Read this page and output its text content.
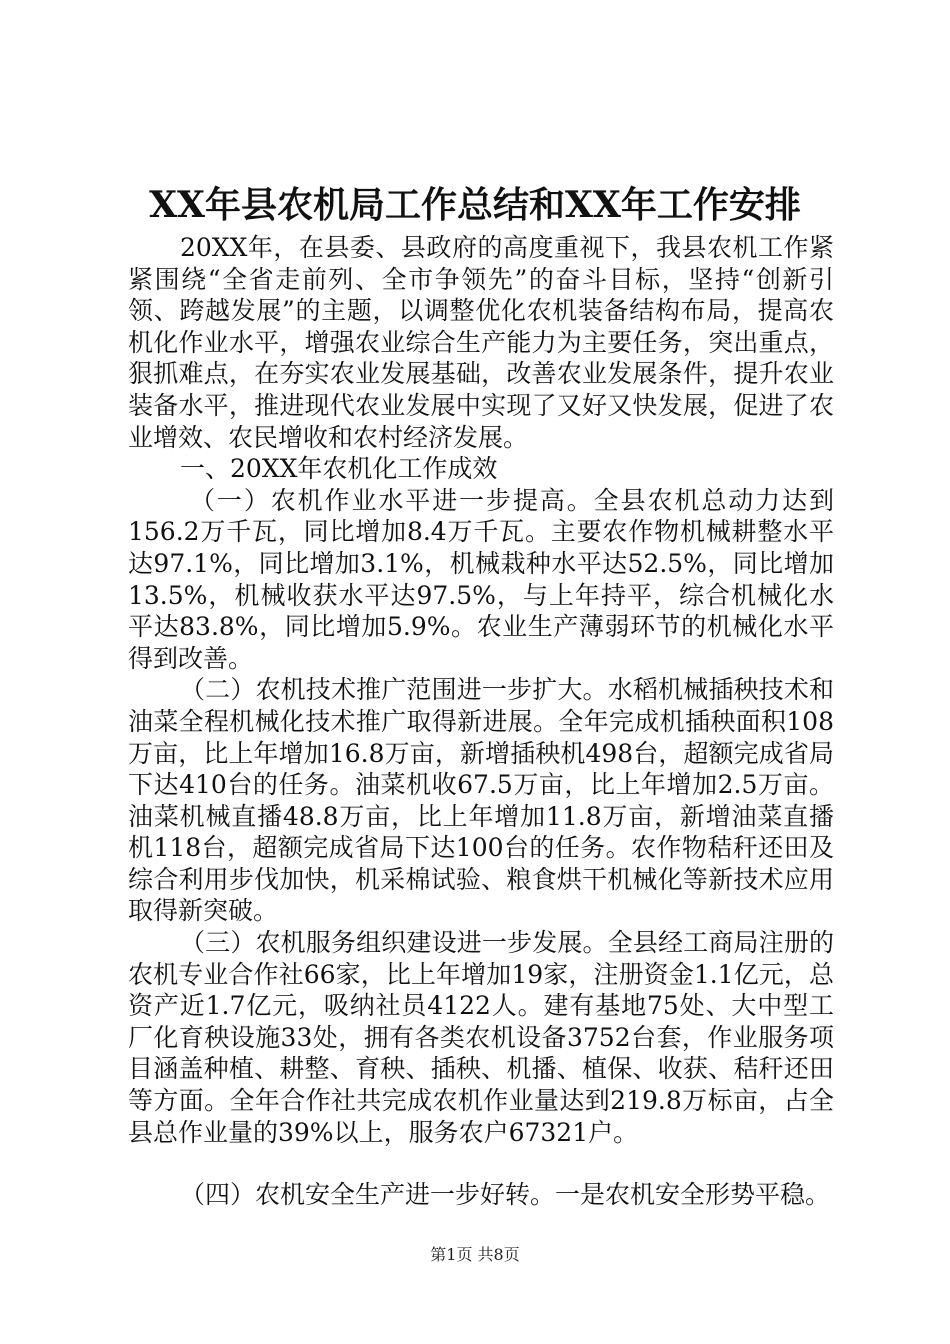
XX年县农机局工作总结和XX年工作安排

20XX年，在县委、县政府的高度重视下，我县农机工作紧紧围绕“全省走前列、全市争领先”的奋斗目标，坚持“创新引领、跨越发展”的主题，以调整优化农机装备结构布局，提高农机化作业水平，增强农业综合生产能力为主要任务，突出重点，狠抓难点，在夯实农业发展基础，改善农业发展条件，提升农业装备水平，推进现代农业发展中实现了又好又快发展，促进了农业增效、农民增收和农村经济发展。

一、20XX年农机化工作成效

（一）农机作业水平进一步提高。全县农机总动力达到156.2万千瓦，同比增加8.4万千瓦。主要农作物机械耕整水平达97.1%，同比增加3.1%，机械栽种水平达52.5%，同比增加13.5%，机械收获水平达97.5%，与上年持平，综合机械化水平达83.8%，同比增加5.9%。农业生产薄弱环节的机械化水平得到改善。

（二）农机技术推广范围进一步扩大。水稻机械插秧技术和油菜全程机械化技术推广取得新进展。全年完成机插秧面积108万亩，比上年增加16.8万亩，新增插秧机498台，超额完成省局下达410台的任务。油菜机收67.5万亩，比上年增加2.5万亩。油菜机械直播48.8万亩，比上年增加11.8万亩，新增油菜直播机118台，超额完成省局下达100台的任务。农作物秸秆还田及综合利用步伐加快，机采棉试验、粮食烘干机械化等新技术应用取得新突破。

（三）农机服务组织建设进一步发展。全县经工商局注册的农机专业合作社66家，比上年增加19家，注册资金1.1亿元，总资产近1.7亿元，吸纳社员4122人。建有基地75处、大中型工厂化育秧设施33处，拥有各类农机设备3752台套，作业服务项目涵盖种植、耕整、育秧、插秧、机播、植保、收获、秸秆还田等方面。全年合作社共完成农机作业量达到219.8万标亩，占全县总作业量的39%以上，服务农户67321户。

（四）农机安全生产进一步好转。一是农机安全形势平稳。

第1页 共8页
